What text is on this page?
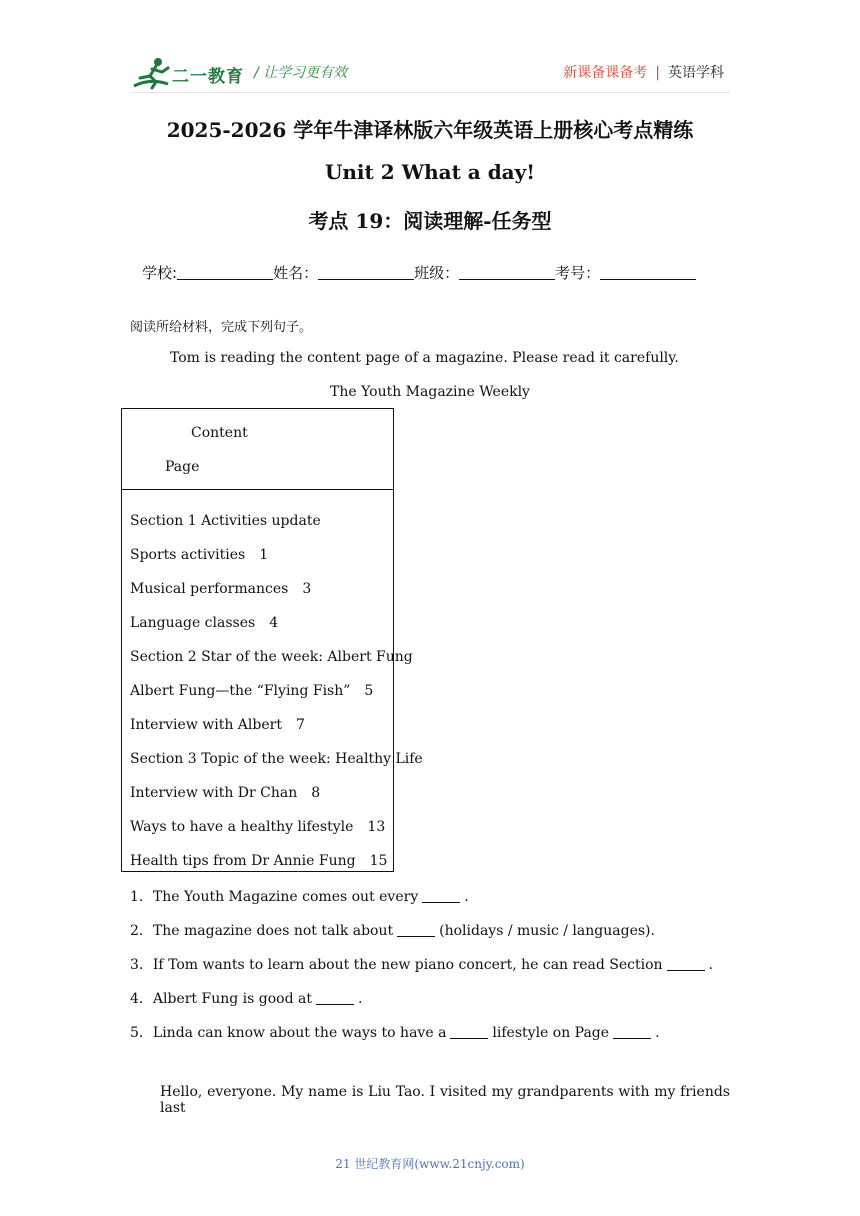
二一教育 / 让学习更有效	新课备课备考 | 英语学科
2025-2026 学年牛津译林版六年级英语上册核心考点精练
Unit 2 What a day!
考点 19：阅读理解-任务型
学校:	姓名：	班级：	考号：
阅读所给材料，完成下列句子。
Tom is reading the content page of a magazine. Please read it carefully.
The Youth Magazine Weekly
Content
Page
Section 1 Activities update
Sports activities 1
Musical performances 3
Language classes 4
Section 2 Star of the week: Albert Fung
Albert Fung—the “Flying Fish” 5
Interview with Albert 7
Section 3 Topic of the week: Healthy Life
Interview with Dr Chan 8
Ways to have a healthy lifestyle 13
Health tips from Dr Annie Fung 15
1．The Youth Magazine comes out every	.
2．The magazine does not talk about	(holidays / music / languages).
3．If Tom wants to learn about the new piano concert, he can read Section	.
4．Albert Fung is good at	.
5．Linda can know about the ways to have a	lifestyle on Page	.
Hello, everyone. My name is Liu Tao. I visited my grandparents with my friends last
21 世纪教育网(www.21cnjy.com)
